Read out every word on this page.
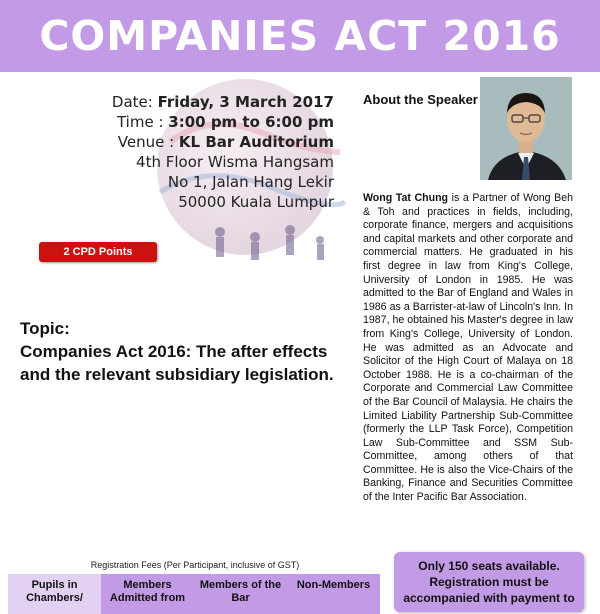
COMPANIES ACT 2016
Date: Friday, 3 March 2017
Time : 3:00 pm to 6:00 pm
Venue : KL Bar Auditorium
4th Floor Wisma Hangsam
No 1, Jalan Hang Lekir
50000 Kuala Lumpur
2 CPD Points
Topic:
Companies Act 2016: The after effects and the relevant subsidiary legislation.
About the Speaker
Wong Tat Chung is a Partner of Wong Beh & Toh and practices in fields, including, corporate finance, mergers and acquisitions and capital markets and other corporate and commercial matters. He graduated in his first degree in law from King's College, University of London in 1985. He was admitted to the Bar of England and Wales in 1986 as a Barrister-at-law of Lincoln's Inn. In 1987, he obtained his Master's degree in law from King's College, University of London. He was admitted as an Advocate and Solicitor of the High Court of Malaya on 18 October 1988. He is a co-chairman of the Corporate and Commercial Law Committee of the Bar Council of Malaysia. He chairs the Limited Liability Partnership Sub-Committee (formerly the LLP Task Force), Competition Law Sub-Committee and SSM Sub-Committee, among others of that Committee. He is also the Vice-Chairs of the Banking, Finance and Securities Committee of the Inter Pacific Bar Association.
Registration Fees (Per Participant, inclusive of GST)
Pupils in Chambers/
Members Admitted from
Members of the Bar
Non-Members
Only 150 seats available.
Registration must be
accompanied with payment to
